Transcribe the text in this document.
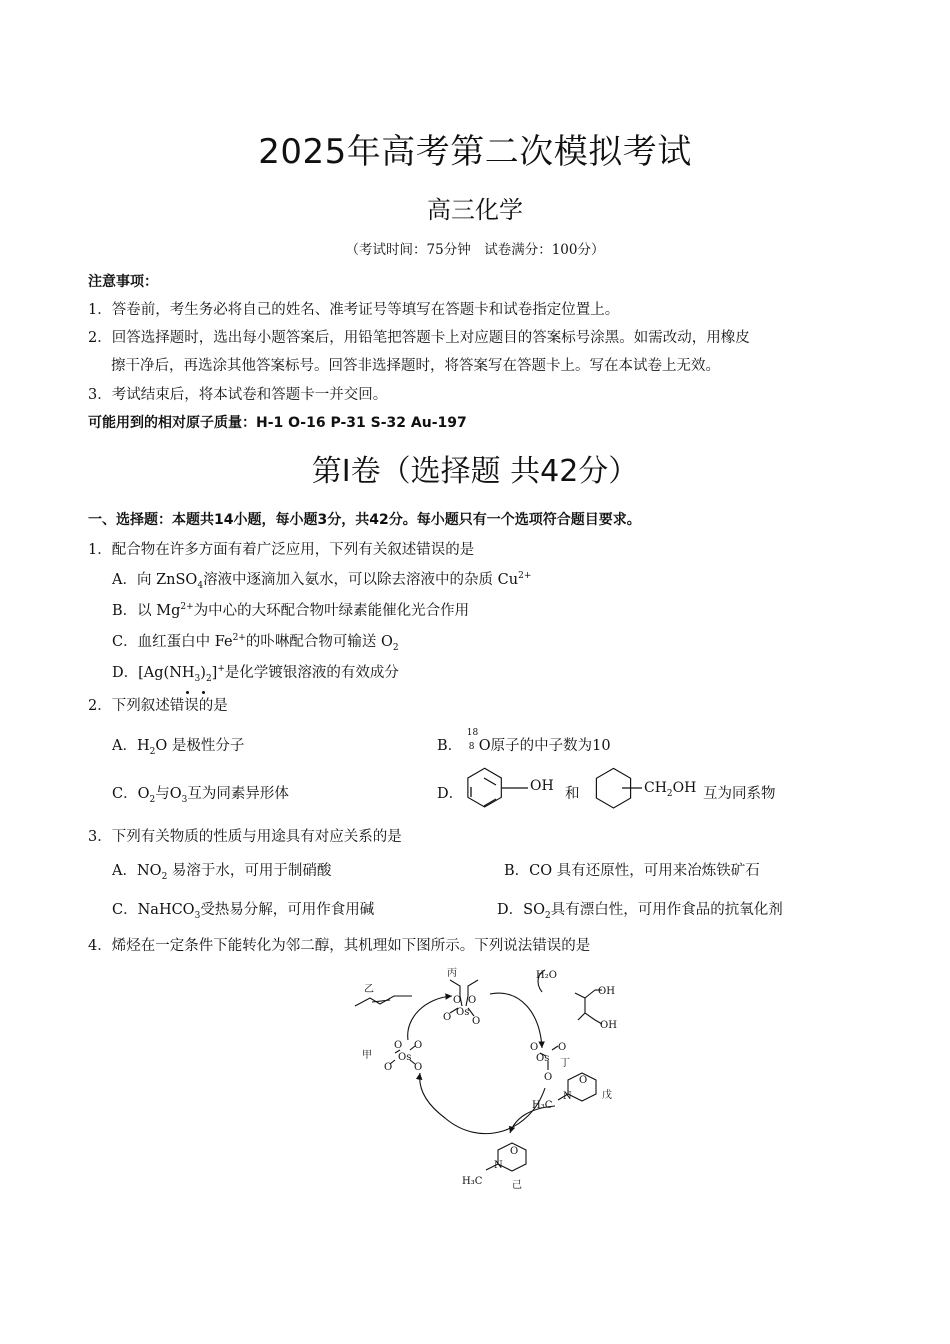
2025年高考第二次模拟考试
高三化学
（考试时间：75分钟　试卷满分：100分）
注意事项：
1．答卷前，考生务必将自己的姓名、准考证号等填写在答题卡和试卷指定位置上。
2．回答选择题时，选出每小题答案后，用铅笔把答题卡上对应题目的答案标号涂黑。如需改动，用橡皮
擦干净后，再选涂其他答案标号。回答非选择题时，将答案写在答题卡上。写在本试卷上无效。
3．考试结束后，将本试卷和答题卡一并交回。
可能用到的相对原子质量：H-1 O-16 P-31 S-32 Au-197
第Ⅰ卷（选择题 共42分）
一、选择题：本题共14小题，每小题3分，共42分。每小题只有一个选项符合题目要求。
1．配合物在许多方面有着广泛应用，下列有关叙述错误的是
A．向 ZnSO$_4$溶液中逐滴加入氨水，可以除去溶液中的杂质 $Cu^{2+}$
B．以 $Mg^{2+}$为中心的大环配合物叶绿素能催化光合作用
C．血红蛋白中 $Fe^{2+}$的卟啉配合物可输送 $O_2$
D．$[Ag(NH_3)_2]^+$是化学镀银溶液的有效成分
2．下列叙述错误的是
A．$H_2O$ 是极性分子	B．
18
8 O原子的中子数为10
C．$O_2$与$O_3$互为同素异形体	D．	OH 和	$CH_2OH$ 互为同系物
3．下列有关物质的性质与用途具有对应关系的是
A．$NO_2$ 易溶于水，可用于制硝酸	B．CO 具有还原性，可用来冶炼铁矿石
C．NaHCO$_3$受热易分解，可用作食用碱	D．$SO_2$具有漂白性，可用作食品的抗氧化剂
4．烯烃在一定条件下能转化为邻二醇，其机理如下图所示。下列说法错误的是
乙
丙
O O
Os
O O
H₂O
OH
OH
甲
O O
Os
O O
O O
Os 丁
O
N
O
戊
H₃C
N
O
己
H₃C
